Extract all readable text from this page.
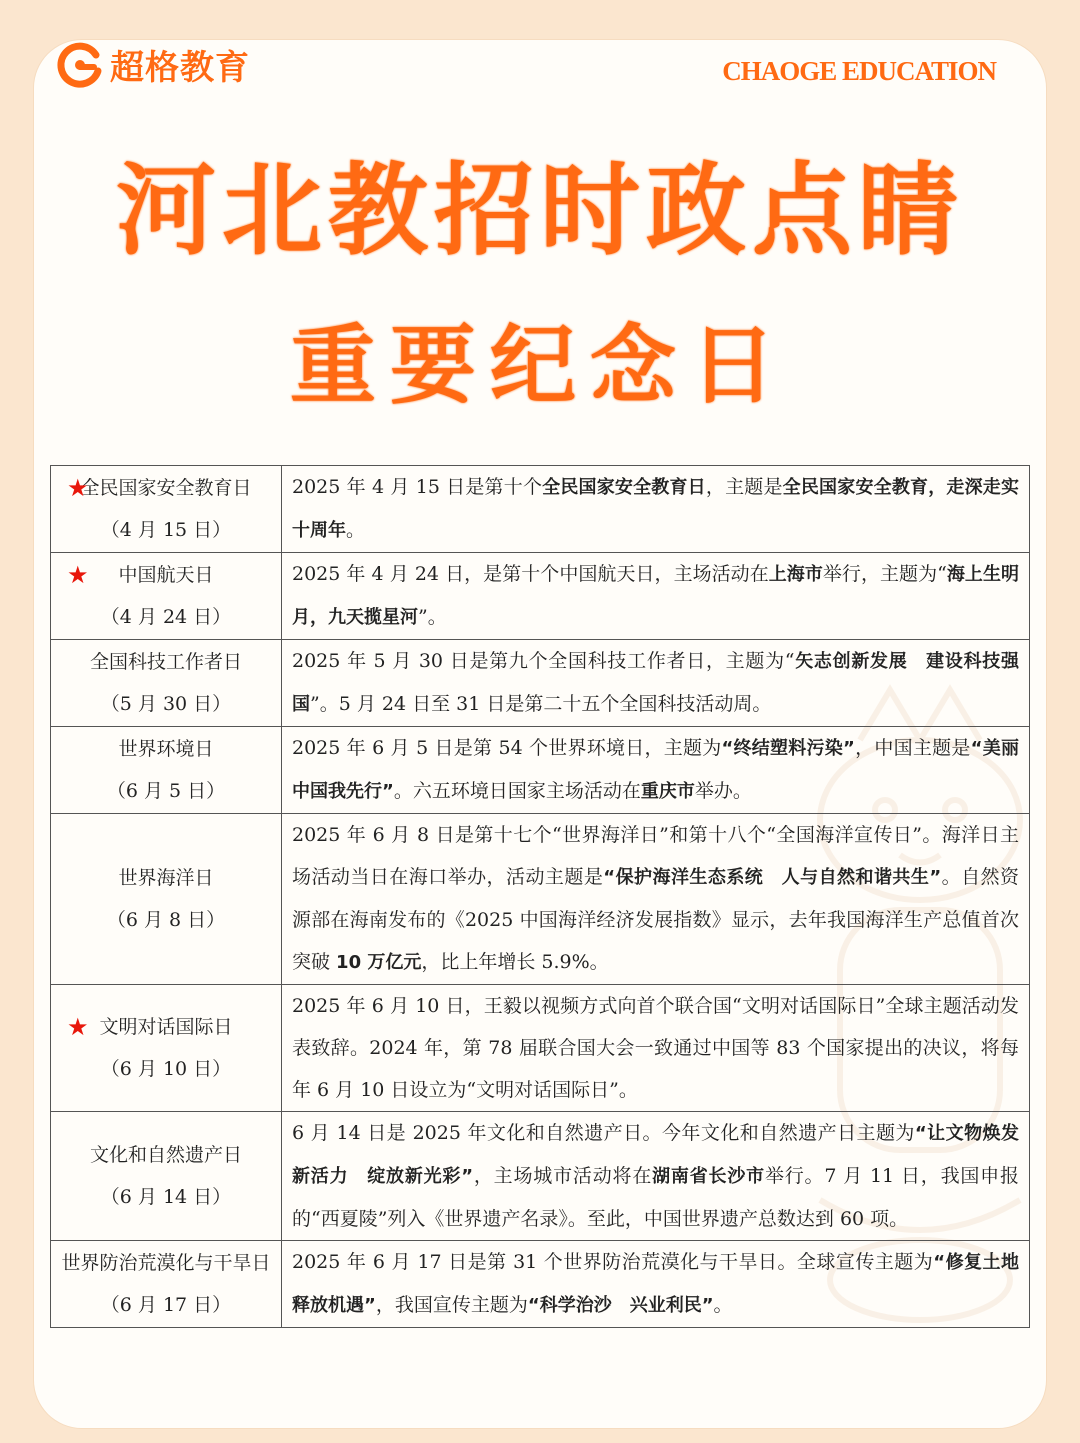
超格教育	CHAOGE EDUCATION
河北教招时政点睛
重要纪念日
★
全民国家安全教育日
（4 月 15 日）	2025 年 4 月 15 日是第十个全民国家安全教育日，主题是全民国家安全教育，走深走实十周年。

★ 中国航天日
（4 月 24 日）	2025 年 4 月 24 日，是第十个中国航天日，主场活动在上海市举行，主题为“海上生明月，九天揽星河”。

全国科技工作者日
（5 月 30 日）	2025 年 5 月 30 日是第九个全国科技工作者日，主题为“矢志创新发展　建设科技强国”。5 月 24 日至 31 日是第二十五个全国科技活动周。

世界环境日
（6 月 5 日）	2025 年 6 月 5 日是第 54 个世界环境日，主题为“终结塑料污染”，中国主题是“美丽中国我先行”。六五环境日国家主场活动在重庆市举办。

世界海洋日
（6 月 8 日）	2025 年 6 月 8 日是第十七个“世界海洋日”和第十八个“全国海洋宣传日”。海洋日主场活动当日在海口举办，活动主题是“保护海洋生态系统　人与自然和谐共生”。自然资源部在海南发布的《2025 中国海洋经济发展指数》显示，去年我国海洋生产总值首次突破 10 万亿元，比上年增长 5.9%。

★ 文明对话国际日
（6 月 10 日）	2025 年 6 月 10 日，王毅以视频方式向首个联合国“文明对话国际日”全球主题活动发表致辞。2024 年，第 78 届联合国大会一致通过中国等 83 个国家提出的决议，将每年 6 月 10 日设立为“文明对话国际日”。

文化和自然遗产日
（6 月 14 日）	6 月 14 日是 2025 年文化和自然遗产日。今年文化和自然遗产日主题为“让文物焕发新活力　绽放新光彩”，主场城市活动将在湖南省长沙市举行。7 月 11 日，我国申报的“西夏陵”列入《世界遗产名录》。至此，中国世界遗产总数达到 60 项。

世界防治荒漠化与干旱日
（6 月 17 日）	2025 年 6 月 17 日是第 31 个世界防治荒漠化与干旱日。全球宣传主题为“修复土地　释放机遇”，我国宣传主题为“科学治沙　兴业利民”。
